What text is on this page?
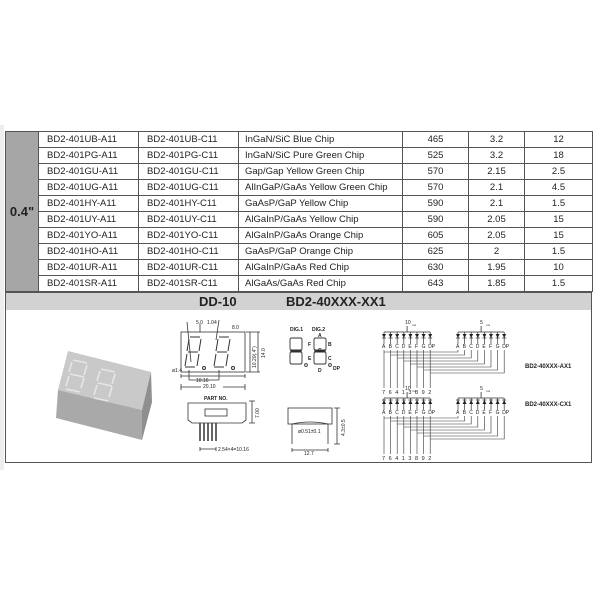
0.4"	BD2-401UB-A11	BD2-401UB-C11	InGaN/SiC Blue Chip	465	3.2	12
	BD2-401PG-A11	BD2-401PG-C11	InGaN/SiC Pure Green Chip	525	3.2	18
	BD2-401GU-A11	BD2-401GU-C11	Gap/Gap Yellow Green Chip	570	2.15	2.5
	BD2-401UG-A11	BD2-401UG-C11	AlInGaP/GaAs Yellow Green Chip	570	2.1	4.5
	BD2-401HY-A11	BD2-401HY-C11	GaAsP/GaP Yellow Chip	590	2.1	1.5
	BD2-401UY-A11	BD2-401UY-C11	AlGaInP/GaAs Yellow Chip	590	2.05	15
	BD2-401YO-A11	BD2-401YO-C11	AlGaInP/GaAs Orange Chip	605	2.05	15
	BD2-401HO-A11	BD2-401HO-C11	GaAsP/GaP Orange Chip	625	2	1.5
	BD2-401UR-A11	BD2-401UR-C11	AlGaInP/GaAs Red Chip	630	1.95	10
	BD2-401SR-A11	BD2-401SR-C11	AlGaAs/GaAs Red Chip	643	1.85	1.5
DD-10	BD2-40XXX-XX1
5.0 1.04
8.0
10.20(.4") 14.0
ø1.4
10.16
20.10
PART NO.
7.00
2.54×4=10.16
ø0.51±0.1
12.7
4.3±0.5
DIG.1 DIG.2
A
B
C
D
E
F
G
DP
10 ms	5 ms
A B C D E F G DP	A B C D E F G DP
7 6 4 1 3 8 9 2
10 ms	5 ms
A B C D E F G DP	A B C D E F G DP
7 6 4 1 3 8 9 2
BD2-40XXX-AX1
BD2-40XXX-CX1
